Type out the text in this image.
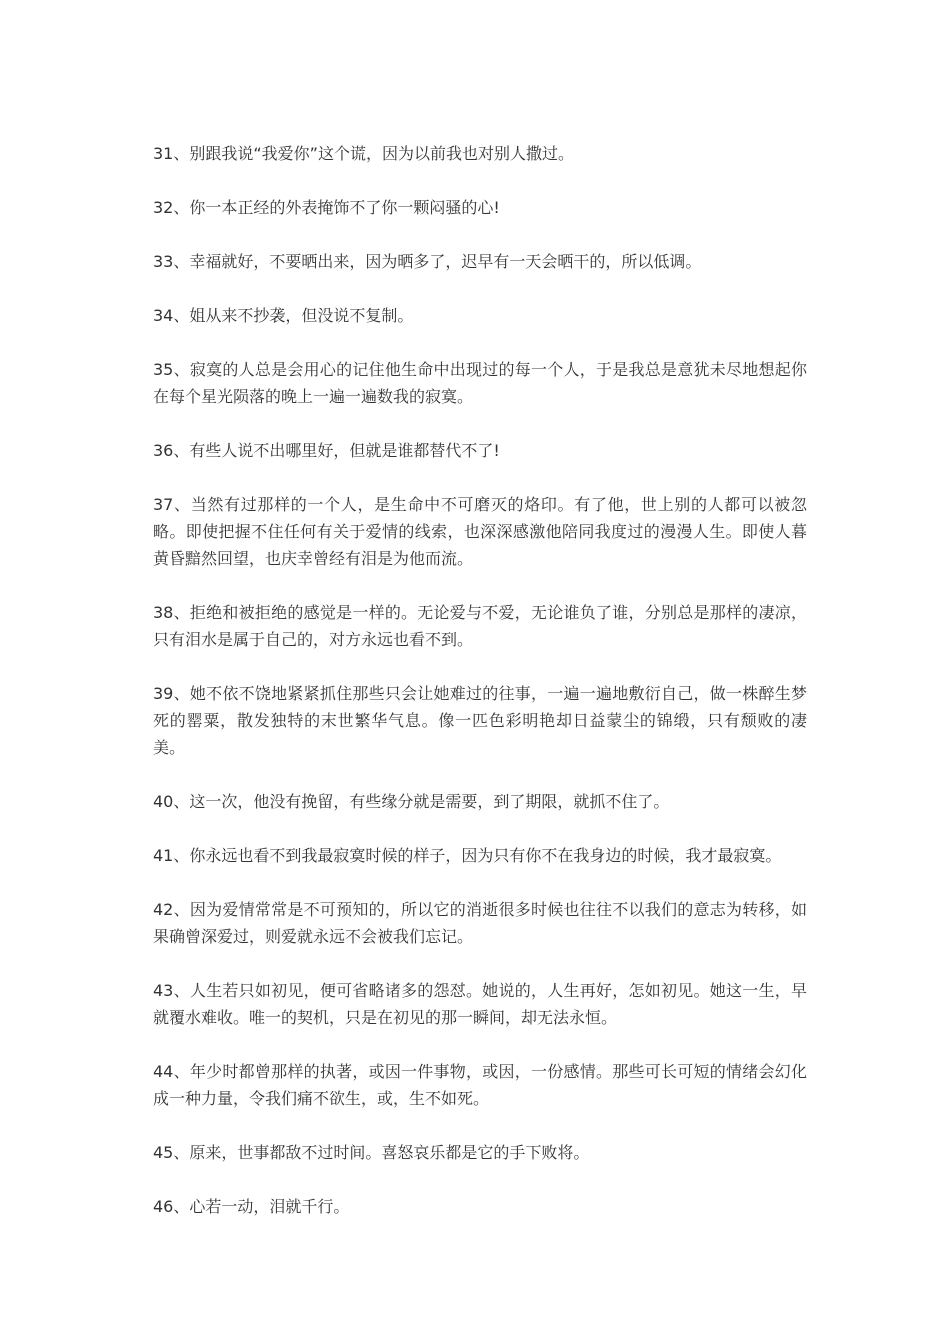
31、别跟我说“我爱你”这个谎，因为以前我也对别人撒过。

32、你一本正经的外表掩饰不了你一颗闷骚的心!

33、幸福就好，不要晒出来，因为晒多了，迟早有一天会晒干的，所以低调。

34、姐从来不抄袭，但没说不复制。

35、寂寞的人总是会用心的记住他生命中出现过的每一个人，于是我总是意犹未尽地想起你在每个星光陨落的晚上一遍一遍数我的寂寞。

36、有些人说不出哪里好，但就是谁都替代不了!

37、当然有过那样的一个人，是生命中不可磨灭的烙印。有了他，世上别的人都可以被忽略。即使把握不住任何有关于爱情的线索，也深深感激他陪同我度过的漫漫人生。即使人暮黄昏黯然回望，也庆幸曾经有泪是为他而流。

38、拒绝和被拒绝的感觉是一样的。无论爱与不爱，无论谁负了谁，分别总是那样的凄凉，只有泪水是属于自己的，对方永远也看不到。

39、她不依不饶地紧紧抓住那些只会让她难过的往事，一遍一遍地敷衍自己，做一株醉生梦死的罂粟，散发独特的末世繁华气息。像一匹色彩明艳却日益蒙尘的锦缎，只有颓败的凄美。

40、这一次，他没有挽留，有些缘分就是需要，到了期限，就抓不住了。

41、你永远也看不到我最寂寞时候的样子，因为只有你不在我身边的时候，我才最寂寞。

42、因为爱情常常是不可预知的，所以它的消逝很多时候也往往不以我们的意志为转移，如果确曾深爱过，则爱就永远不会被我们忘记。

43、人生若只如初见，便可省略诸多的怨怼。她说的，人生再好，怎如初见。她这一生，早就覆水难收。唯一的契机，只是在初见的那一瞬间，却无法永恒。

44、年少时都曾那样的执著，或因一件事物，或因，一份感情。那些可长可短的情绪会幻化成一种力量，令我们痛不欲生，或，生不如死。

45、原来，世事都敌不过时间。喜怒哀乐都是它的手下败将。

46、心若一动，泪就千行。
